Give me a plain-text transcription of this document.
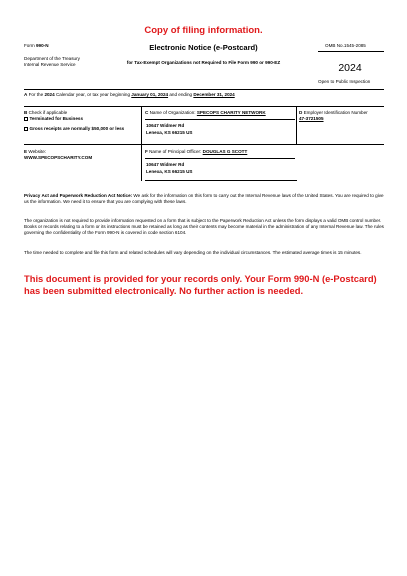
Copy of filing information.
Form 990-N
Department of the Treasury
Internal Revenue Service
Electronic Notice (e-Postcard)
for Tax-Exempt Organizations not Required to File Form 990 or 990-EZ
OMB No.1545-2085
2024
Open to Public Inspection
A For the 2024 Calendar year, or tax year beginning January 01, 2024 and ending December 31, 2024
B Check if applicable
Terminated for Business
Gross receipts are normally $50,000 or less
C Name of Organization: SPECOPS CHARITY NETWORK
10647 Widmer Rd
Lenexa, KS 66215 US
D Employer Identification Number
47-3721505
E Website:
WWW.SPECOPSCHARITY.COM
F Name of Principal Officer: DOUGLAS G SCOTT
10647 Widmer Rd
Lenexa, KS 66215 US
Privacy Act and Paperwork Reduction Act Notice: We ask for the information on this form to carry out the Internal Revenue laws of the United States. You are required to give us the information. We need it to ensure that you are complying with these laws.
The organization is not required to provide information requested on a form that is subject to the Paperwork Reduction Act unless the form displays a valid OMB control number. Books or records relating to a form or its instructions must be retained as long as their contents may become material in the administration of any Internal Revenue law. The rules governing the confidentiality of the Form 990-N is covered in code section 6104.
The time needed to complete and file this form and related schedules will vary depending on the individual circumstances. The estimated average times is 15 minutes.
This document is provided for your records only. Your Form 990-N (e-Postcard) has been submitted electronically. No further action is needed.
